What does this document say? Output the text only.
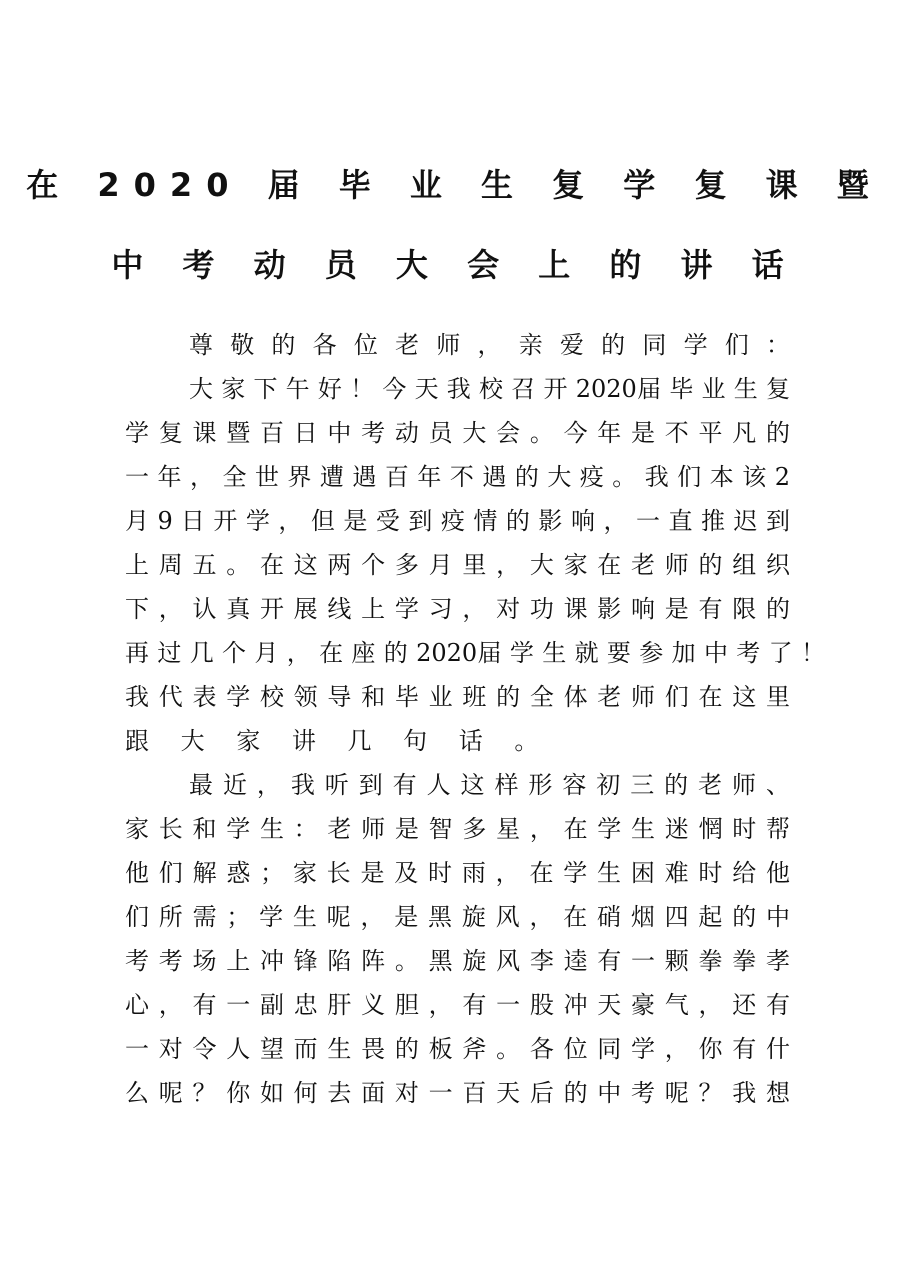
在 2020 届 毕 业 生 复 学 复 课 暨
中 考 动 员 大 会 上 的 讲 话
尊 敬 的 各 位 老 师 ， 亲 爱 的 同 学 们 ：
大 家 下 午 好 ！ 今 天 我 校 召 开 2020届 毕 业 生 复
学 复 课 暨 百 日 中 考 动 员 大 会 。 今 年 是 不 平 凡 的
一 年 ， 全 世 界 遭 遇 百 年 不 遇 的 大 疫 。 我 们 本 该 2
月 9 日 开 学 ， 但 是 受 到 疫 情 的 影 响 ， 一 直 推 迟 到
上 周 五 。 在 这 两 个 多 月 里 ， 大 家 在 老 师 的 组 织
下 ， 认 真 开 展 线 上 学 习 ， 对 功 课 影 响 是 有 限 的
再 过 几 个 月 ， 在 座 的 2020届 学 生 就 要 参 加 中 考 了 ！
我 代 表 学 校 领 导 和 毕 业 班 的 全 体 老 师 们 在 这 里
跟 大 家 讲 几 句 话 。
最 近 ， 我 听 到 有 人 这 样 形 容 初 三 的 老 师 、
家 长 和 学 生 ： 老 师 是 智 多 星 ， 在 学 生 迷 惘 时 帮
他 们 解 惑 ； 家 长 是 及 时 雨 ， 在 学 生 困 难 时 给 他
们 所 需 ； 学 生 呢 ， 是 黑 旋 风 ， 在 硝 烟 四 起 的 中
考 考 场 上 冲 锋 陷 阵 。 黑 旋 风 李 逵 有 一 颗 拳 拳 孝
心 ， 有 一 副 忠 肝 义 胆 ， 有 一 股 冲 天 豪 气 ， 还 有
一 对 令 人 望 而 生 畏 的 板 斧 。 各 位 同 学 ， 你 有 什
么 呢 ？ 你 如 何 去 面 对 一 百 天 后 的 中 考 呢 ？ 我 想
